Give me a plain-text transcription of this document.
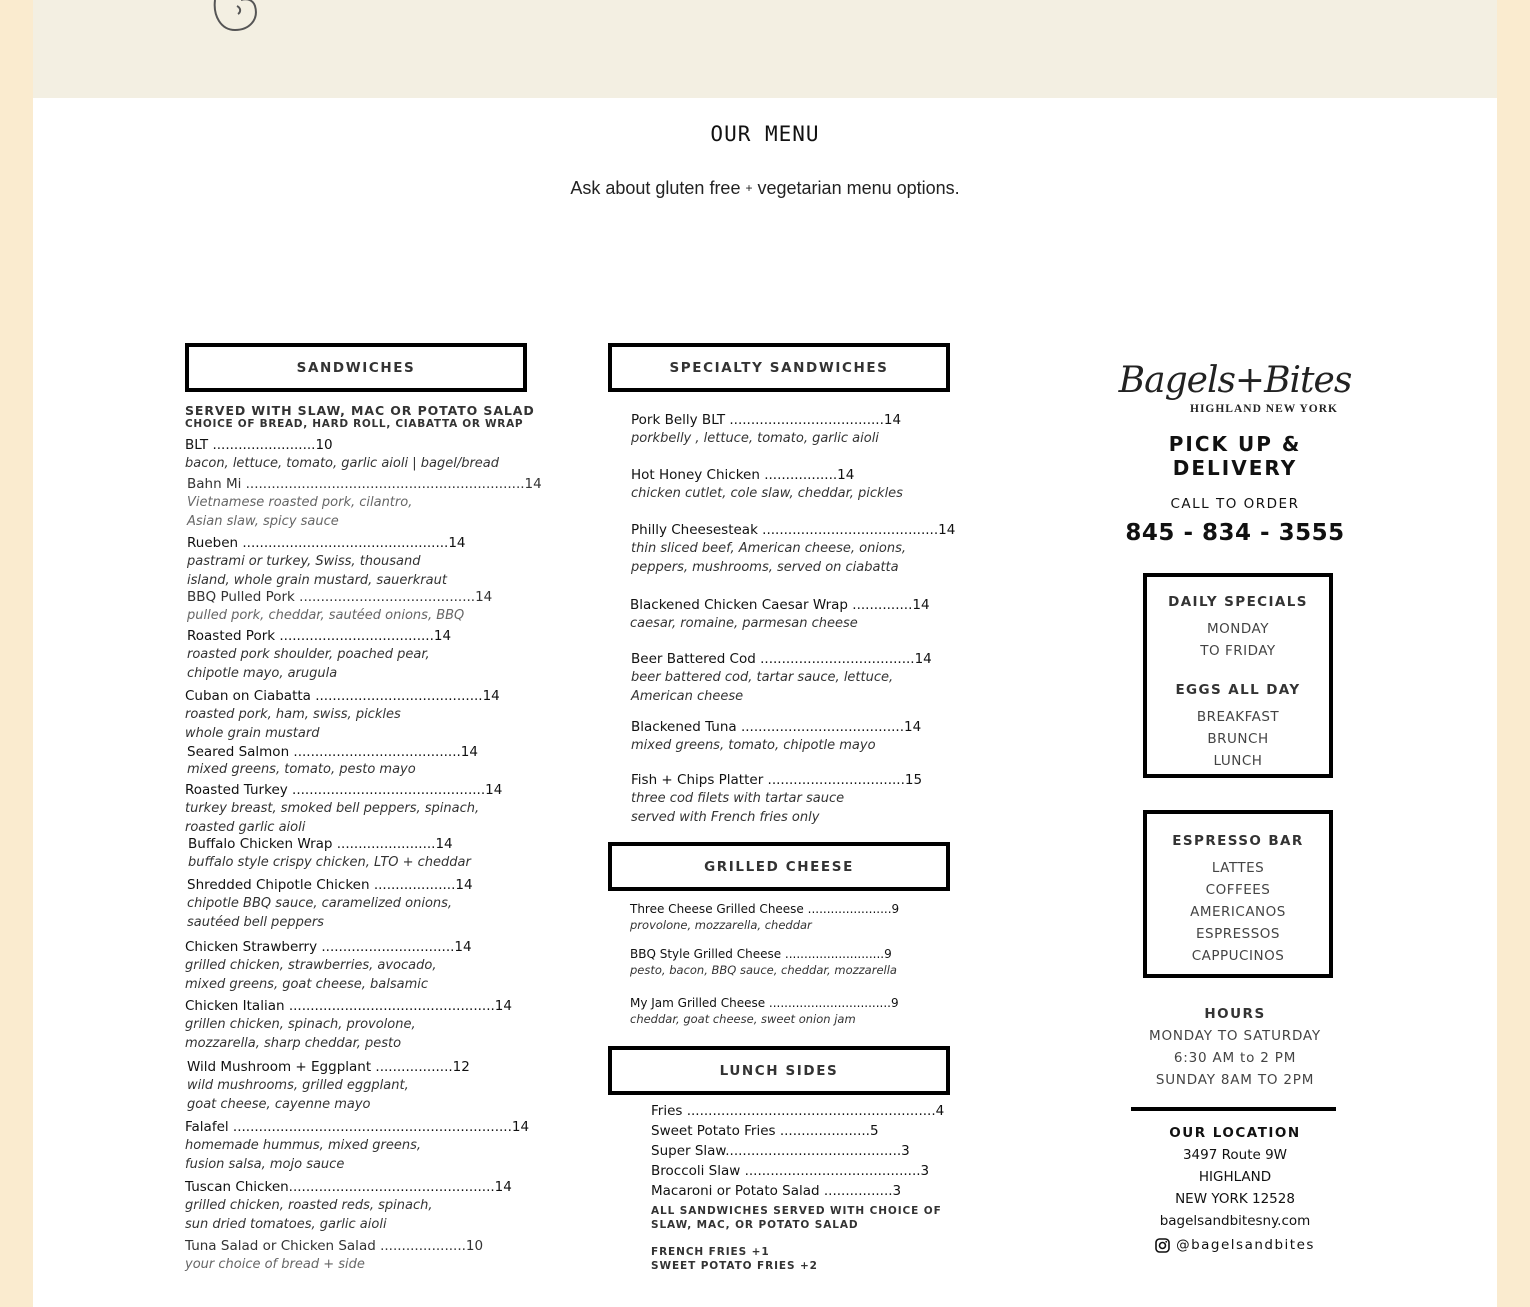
OUR MENU
Ask about gluten free + vegetarian menu options.
SANDWICHES
SERVED WITH SLAW, MAC OR POTATO SALAD
CHOICE OF BREAD, HARD ROLL, CIABATTA OR WRAP
BLT ........................10
bacon, lettuce, tomato, garlic aioli | bagel/bread
Bahn Mi .................................................................14
Vietnamese roasted pork, cilantro,
Asian slaw, spicy sauce
Rueben ................................................14
pastrami or turkey, Swiss, thousand
island, whole grain mustard, sauerkraut
BBQ Pulled Pork .........................................14
pulled pork, cheddar, sautéed onions, BBQ
Roasted Pork ....................................14
roasted pork shoulder, poached pear,
chipotle mayo, arugula
Cuban on Ciabatta .......................................14
roasted pork, ham, swiss, pickles
whole grain mustard
Seared Salmon .......................................14
mixed greens, tomato, pesto mayo
Roasted Turkey .............................................14
turkey breast, smoked bell peppers, spinach,
roasted garlic aioli
Buffalo Chicken Wrap .......................14
buffalo style crispy chicken, LTO + cheddar
Shredded Chipotle Chicken ...................14
chipotle BBQ sauce, caramelized onions,
sautéed bell peppers
Chicken Strawberry ...............................14
grilled chicken, strawberries, avocado,
mixed greens, goat cheese, balsamic
Chicken Italian ................................................14
grillen chicken, spinach, provolone,
mozzarella, sharp cheddar, pesto
Wild Mushroom + Eggplant ..................12
wild mushrooms, grilled eggplant,
goat cheese, cayenne mayo
Falafel .................................................................14
homemade hummus, mixed greens,
fusion salsa, mojo sauce
Tuscan Chicken................................................14
grilled chicken, roasted reds, spinach,
sun dried tomatoes, garlic aioli
Tuna Salad or Chicken Salad ....................10
your choice of bread + side
SPECIALTY SANDWICHES
Pork Belly BLT ....................................14
porkbelly , lettuce, tomato, garlic aioli
Hot Honey Chicken .................14
chicken cutlet, cole slaw, cheddar, pickles
Philly Cheesesteak .........................................14
thin sliced beef, American cheese, onions,
peppers, mushrooms, served on ciabatta
Blackened Chicken Caesar Wrap ..............14
caesar, romaine, parmesan cheese
Beer Battered Cod ....................................14
beer battered cod, tartar sauce, lettuce,
American cheese
Blackened Tuna ......................................14
mixed greens, tomato, chipotle mayo
Fish + Chips Platter ................................15
three cod filets with tartar sauce
served with French fries only
GRILLED CHEESE
Three Cheese Grilled Cheese ......................9
provolone, mozzarella, cheddar
BBQ Style Grilled Cheese ..........................9
pesto, bacon, BBQ sauce, cheddar, mozzarella
My Jam Grilled Cheese ................................9
cheddar, goat cheese, sweet onion jam
LUNCH SIDES
Fries ..........................................................4
Sweet Potato Fries .....................5
Super Slaw.........................................3
Broccoli Slaw .........................................3
Macaroni or Potato Salad ................3
ALL SANDWICHES SERVED WITH CHOICE OF
SLAW, MAC, OR POTATO SALAD
FRENCH FRIES +1
SWEET POTATO FRIES +2
Bagels+Bites
HIGHLAND NEW YORK
PICK UP &
DELIVERY
CALL TO ORDER
845 - 834 - 3555
DAILY SPECIALS
MONDAY
TO FRIDAY
EGGS ALL DAY
BREAKFAST
BRUNCH
LUNCH
ESPRESSO BAR
LATTES
COFFEES
AMERICANOS
ESPRESSOS
CAPPUCINOS
HOURS
MONDAY TO SATURDAY
6:30 AM to 2 PM
SUNDAY 8AM TO 2PM
OUR LOCATION
3497 Route 9W
HIGHLAND
NEW YORK 12528
bagelsandbitesny.com
@bagelsandbites
